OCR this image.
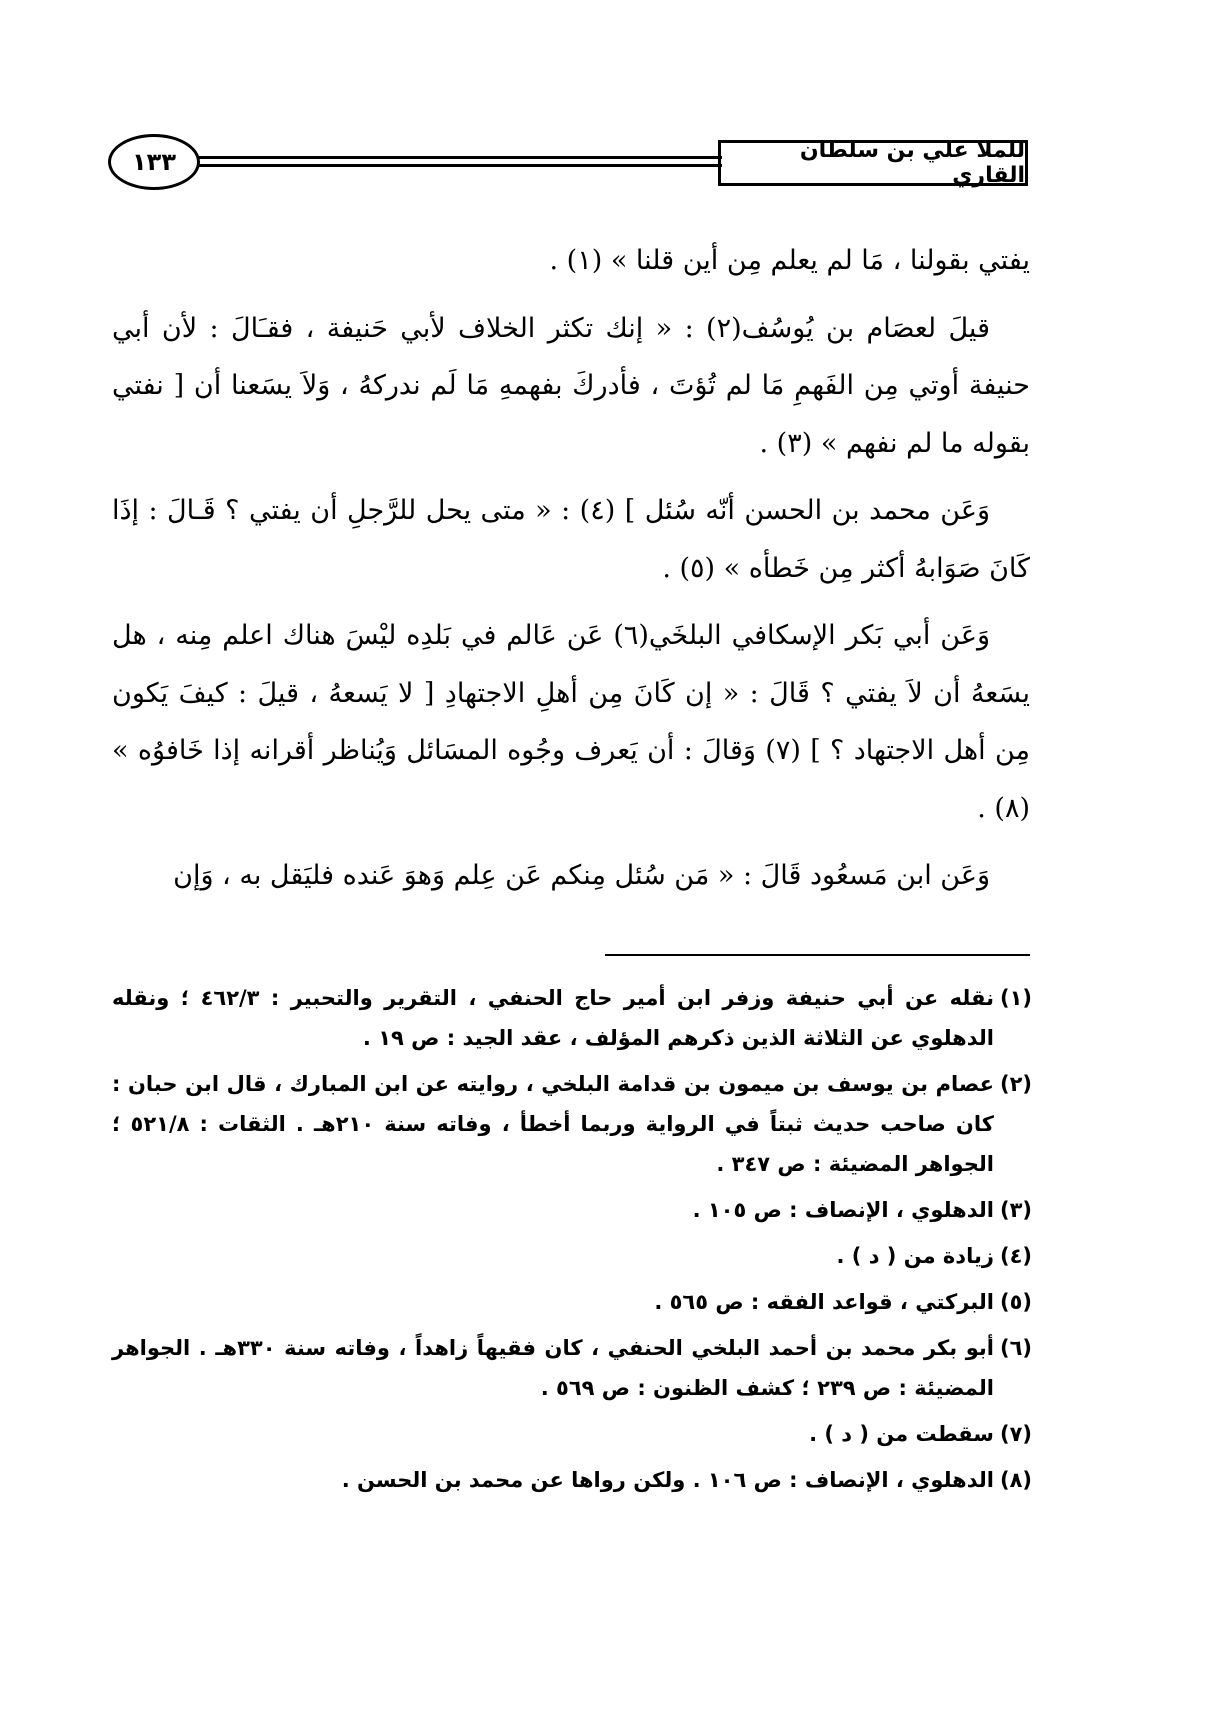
١٣٣	للملا علي بن سلطان القاري

يفتي بقولنا ، مَا لم يعلم مِن أين قلنا » (١) .

قيلَ لعصَام بن يُوسُف(٢) : « إنك تكثر الخلاف لأبي حَنيفة ، فقـَالَ : لأن أبي حنيفة أوتي مِن الفَهمِ مَا لم تُؤتَ ، فأدركَ بفهمهِ مَا لَم ندركهُ ، وَلاَ يسَعنا أن [ نفتي بقوله ما لم نفهم » (٣) .

وَعَن محمد بن الحسن أنّه سُئل ] (٤) : « متى يحل للرَّجلِ أن يفتي ؟ قَـالَ : إذَا كَانَ صَوَابهُ أكثر مِن خَطأه » (٥) .

وَعَن أبي بَكر الإسكافي البلخَي(٦) عَن عَالم في بَلدِه ليْسَ هناك اعلم مِنه ، هل يسَعهُ أن لاَ يفتي ؟ قَالَ : « إن كَانَ مِن أهلِ الاجتهادِ [ لا يَسعهُ ، قيلَ : كيفَ يَكون مِن أهل الاجتهاد ؟ ] (٧) وَقالَ : أن يَعرف وجُوه المسَائل وَيُناظر أقرانه إذا خَافوُه » (٨) .

وَعَن ابن مَسعُود قَالَ : « مَن سُئل مِنكم عَن عِلم وَهوَ عَنده فليَقل به ، وَإن

(١)
نقله عن أبي حنيفة وزفر ابن أمير حاج الحنفي ، التقرير والتحبير : ٤٦٢/٣ ؛ ونقله الدهلوي عن الثلاثة الذين ذكرهم المؤلف ، عقد الجيد : ص ١٩ .
(٢)
عصام بن يوسف بن ميمون بن قدامة البلخي ، روايته عن ابن المبارك ، قال ابن حبان : كان صاحب حديث ثبتاً في الرواية وربما أخطأ ، وفاته سنة ٢١٠هـ . الثقات : ٥٢١/٨ ؛ الجواهر المضيئة : ص ٣٤٧ .
(٣)
الدهلوي ، الإنصاف : ص ١٠٥ .
(٤)
زيادة من ( د ) .
(٥)
البركتي ، قواعد الفقه : ص ٥٦٥ .
(٦)
أبو بكر محمد بن أحمد البلخي الحنفي ، كان فقيهاً زاهداً ، وفاته سنة ٣٣٠هـ . الجواهر المضيئة : ص ٢٣٩ ؛ كشف الظنون : ص ٥٦٩ .
(٧)
سقطت من ( د ) .
(٨)
الدهلوي ، الإنصاف : ص ١٠٦ . ولكن رواها عن محمد بن الحسن .
